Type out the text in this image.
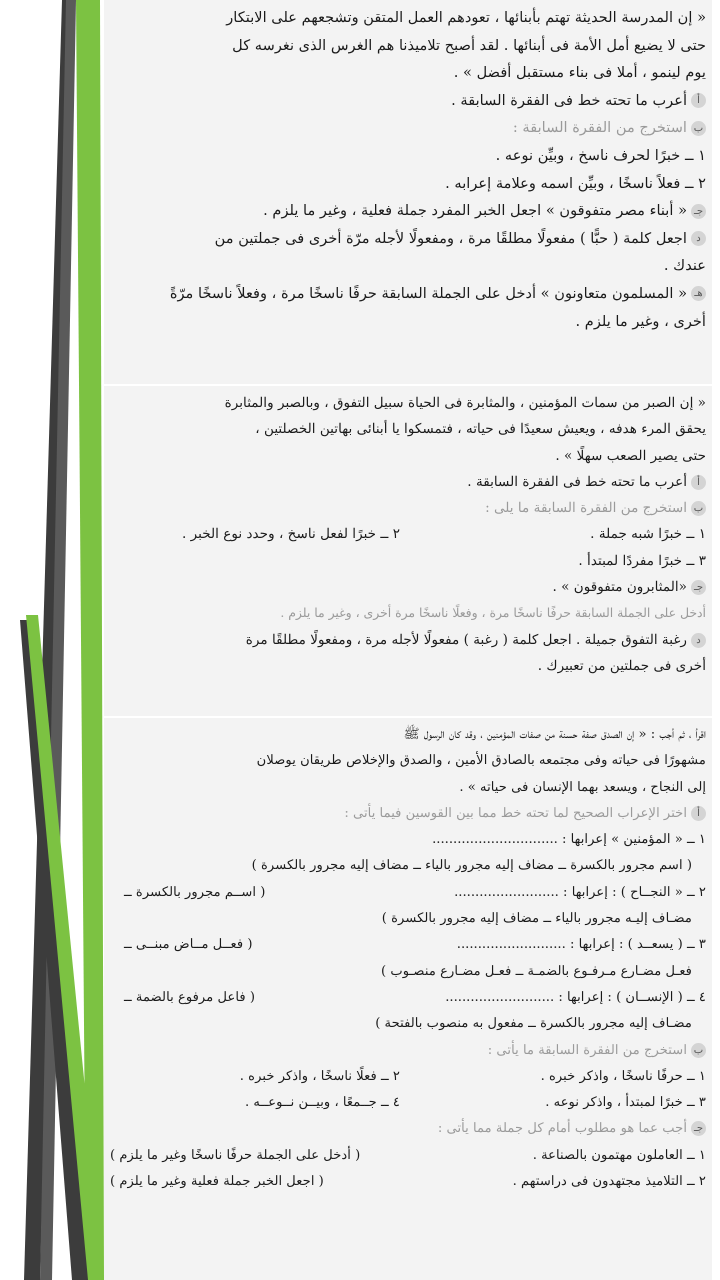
« إن المدرسة الحديثة تهتم بأبنائها ، تعودهم العمل المتقن وتشجعهم على الابتكار
حتى لا يضيع أمل الأمة فى أبنائها . لقد أصبح تلاميذنا هم الغرس الذى نغرسه كل
يوم لينمو ، أملا فى بناء مستقبل أفضل » .
أأعرب ما تحته خط فى الفقرة السابقة .
باستخرج من الفقرة السابقة :
١ ــ خبرًا لحرف ناسخ ، وبيِّن نوعه .
٢ ــ فعلاً ناسخًا ، وبيِّن اسمه وعلامة إعرابه .
جـ« أبناء مصر متفوقون » اجعل الخبر المفرد جملة فعلية ، وغير ما يلزم .
داجعل كلمة ( حبًّا ) مفعولًا مطلقًا مرة ، ومفعولًا لأجله مرّة أخرى فى جملتين من
عندك .
هـ« المسلمون متعاونون » أدخل على الجملة السابقة حرفًا ناسخًا مرة ، وفعلاً ناسخًا مرّةً
أخرى ، وغير ما يلزم .
« إن الصبر من سمات المؤمنين ، والمثابرة فى الحياة سبيل التفوق ، وبالصبر والمثابرة
يحقق المرء هدفه ، ويعيش سعيدًا فى حياته ، فتمسكوا يا أبنائى بهاتين الخصلتين ،
حتى يصير الصعب سهلًا » .
أأعرب ما تحته خط فى الفقرة السابقة .
باستخرج من الفقرة السابقة ما يلى :
١ ــ خبرًا شبه جملة .
٢ ــ خبرًا لفعل ناسخ ، وحدد نوع الخبر .
٣ ــ خبرًا مفردًا لمبتدأ .
جـ«المثابرون متفوقون » .
أدخل على الجملة السابقة حرفًا ناسخًا مرة ، وفعلًا ناسخًا مرة أخرى ، وغير ما يلزم .
درغبة التفوق جميلة . اجعل كلمة ( رغبة ) مفعولًا لأجله مرة ، ومفعولًا مطلقًا مرة
أخرى فى جملتين من تعبيرك .
اقرأ ، ثم أجب : « إن الصدق صفة حسنة من صفات المؤمنين ، وقد كان الرسول ﷺ
مشهورًا فى حياته وفى مجتمعه بالصادق الأمين ، والصدق والإخلاص طريقان يوصلان
إلى النجاح ، ويسعد بهما الإنسان فى حياته » .
أاختر الإعراب الصحيح لما تحته خط مما بين القوسين فيما يأتى :
١ ــ « المؤمنين » إعرابها : ..............................
( اسم مجرور بالكسرة ــ مضاف إليه مجرور بالياء ــ مضاف إليه مجرور بالكسرة )
٢ ــ « النجــاح ) : إعرابها : .........................
( اســم مجرور بالكسرة ــ
مضـاف إليـه مجرور بالياء ــ مضاف إليه مجرور بالكسرة )
٣ ــ ( يسعــد ) : إعرابها : ..........................
( فعــل مــاض مبنــى ــ
فعـل مضـارع مـرفـوع بالضمـة ــ فعـل مضـارع منصـوب )
٤ ــ ( الإنســان ) : إعرابها : ..........................
( فاعل مرفوع بالضمة ــ
مضـاف إليه مجرور بالكسرة ــ مفعول به منصوب بالفتحة )
باستخرج من الفقرة السابقة ما يأتى :
١ ــ حرفًا ناسخًا ، واذكر خبره .
٢ ــ فعلًا ناسخًا ، واذكر خبره .
٣ ــ خبرًا لمبتدأ ، واذكر نوعه .
٤ ــ جــمعًا ، وبيــن نــوعــه .
جـأجب عما هو مطلوب أمام كل جملة مما يأتى :
١ ــ العاملون مهتمون بالصناعة .
( أدخل على الجملة حرفًا ناسخًا وغير ما يلزم )
٢ ــ التلاميذ مجتهدون فى دراستهم .
( اجعل الخبر جملة فعلية وغير ما يلزم )
